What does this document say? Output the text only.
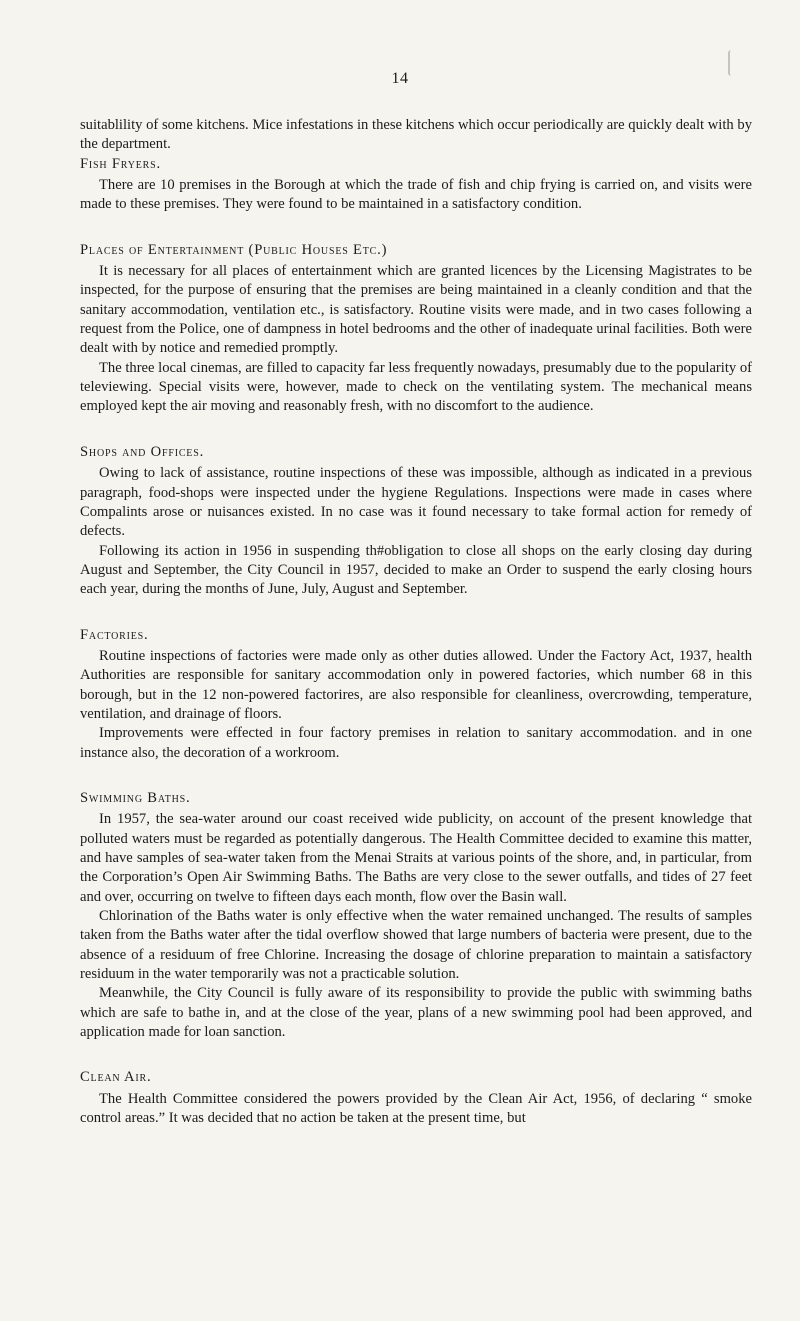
14

suitablility of some kitchens. Mice infestations in these kitchens which occur periodically are quickly dealt with by the department.

Fish Fryers.

There are 10 premises in the Borough at which the trade of fish and chip frying is carried on, and visits were made to these premises. They were found to be maintained in a satisfactory condition.

Places of Entertainment (Public Houses Etc.)

It is necessary for all places of entertainment which are granted licences by the Licensing Magistrates to be inspected, for the purpose of ensuring that the premises are being maintained in a cleanly condition and that the sanitary accommodation, ventilation etc., is satisfactory. Routine visits were made, and in two cases following a request from the Police, one of dampness in hotel bedrooms and the other of inadequate urinal facilities. Both were dealt with by notice and remedied promptly.

The three local cinemas, are filled to capacity far less frequently nowadays, presumably due to the popularity of televiewing. Special visits were, however, made to check on the ventilating system. The mechanical means employed kept the air moving and reasonably fresh, with no discomfort to the audience.

Shops and Offices.

Owing to lack of assistance, routine inspections of these was impossible, although as indicated in a previous paragraph, food-shops were inspected under the hygiene Regulations. Inspections were made in cases where Compalints arose or nuisances existed. In no case was it found necessary to take formal action for remedy of defects.

Following its action in 1956 in suspending th#obligation to close all shops on the early closing day during August and September, the City Council in 1957, decided to make an Order to suspend the early closing hours each year, during the months of June, July, August and September.

Factories.

Routine inspections of factories were made only as other duties allowed. Under the Factory Act, 1937, health Authorities are responsible for sanitary accommodation only in powered factories, which number 68 in this borough, but in the 12 non-powered factorires, are also responsible for cleanliness, overcrowding, temperature, ventilation, and drainage of floors.

Improvements were effected in four factory premises in relation to sanitary accommodation. and in one instance also, the decoration of a workroom.

Swimming Baths.

In 1957, the sea-water around our coast received wide publicity, on account of the present knowledge that polluted waters must be regarded as potentially dangerous. The Health Committee decided to examine this matter, and have samples of sea-water taken from the Menai Straits at various points of the shore, and, in particular, from the Corporation’s Open Air Swimming Baths. The Baths are very close to the sewer outfalls, and tides of 27 feet and over, occurring on twelve to fifteen days each month, flow over the Basin wall.

Chlorination of the Baths water is only effective when the water remained unchanged. The results of samples taken from the Baths water after the tidal overflow showed that large numbers of bacteria were present, due to the absence of a residuum of free Chlorine. Increasing the dosage of chlorine preparation to maintain a satisfactory residuum in the water temporarily was not a practicable solution.

Meanwhile, the City Council is fully aware of its responsibility to provide the public with swimming baths which are safe to bathe in, and at the close of the year, plans of a new swimming pool had been approved, and application made for loan sanction.

Clean Air.

The Health Committee considered the powers provided by the Clean Air Act, 1956, of declaring “ smoke control areas.” It was decided that no action be taken at the present time, but
